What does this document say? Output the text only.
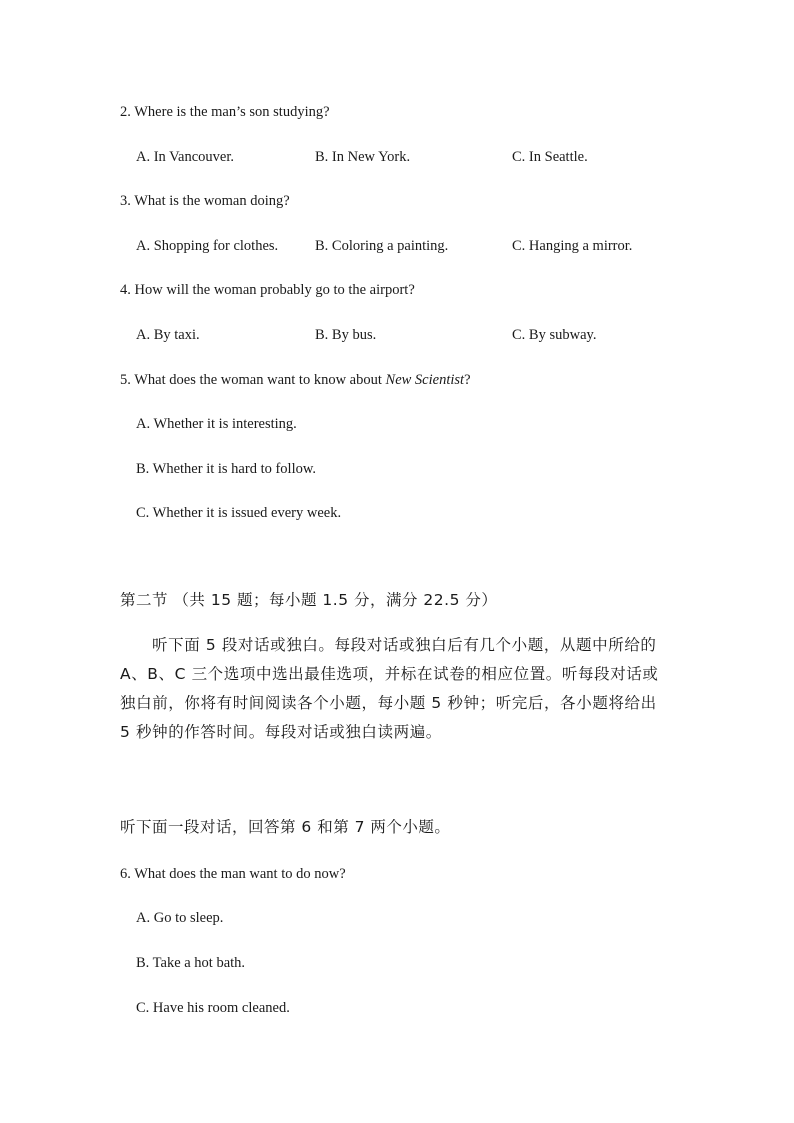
2. Where is the man’s son studying?
A. In Vancouver.	B. In New York.	C. In Seattle.
3. What is the woman doing?
A. Shopping for clothes.	B. Coloring a painting.	C. Hanging a mirror.
4. How will the woman probably go to the airport?
A. By taxi.	B. By bus.	C. By subway.
5. What does the woman want to know about New Scientist?
A. Whether it is interesting.
B. Whether it is hard to follow.
C. Whether it is issued every week.
第二节 （共 15 题；每小题 1.5 分，满分 22.5 分）
听下面 5 段对话或独白。每段对话或独白后有几个小题，从题中所给的 A、B、C 三个选项中选出最佳选项，并标在试卷的相应位置。听每段对话或独白前，你将有时间阅读各个小题，每小题 5 秒钟；听完后，各小题将给出 5 秒钟的作答时间。每段对话或独白读两遍。
听下面一段对话，回答第 6 和第 7 两个小题。
6. What does the man want to do now?
A. Go to sleep.
B. Take a hot bath.
C. Have his room cleaned.
